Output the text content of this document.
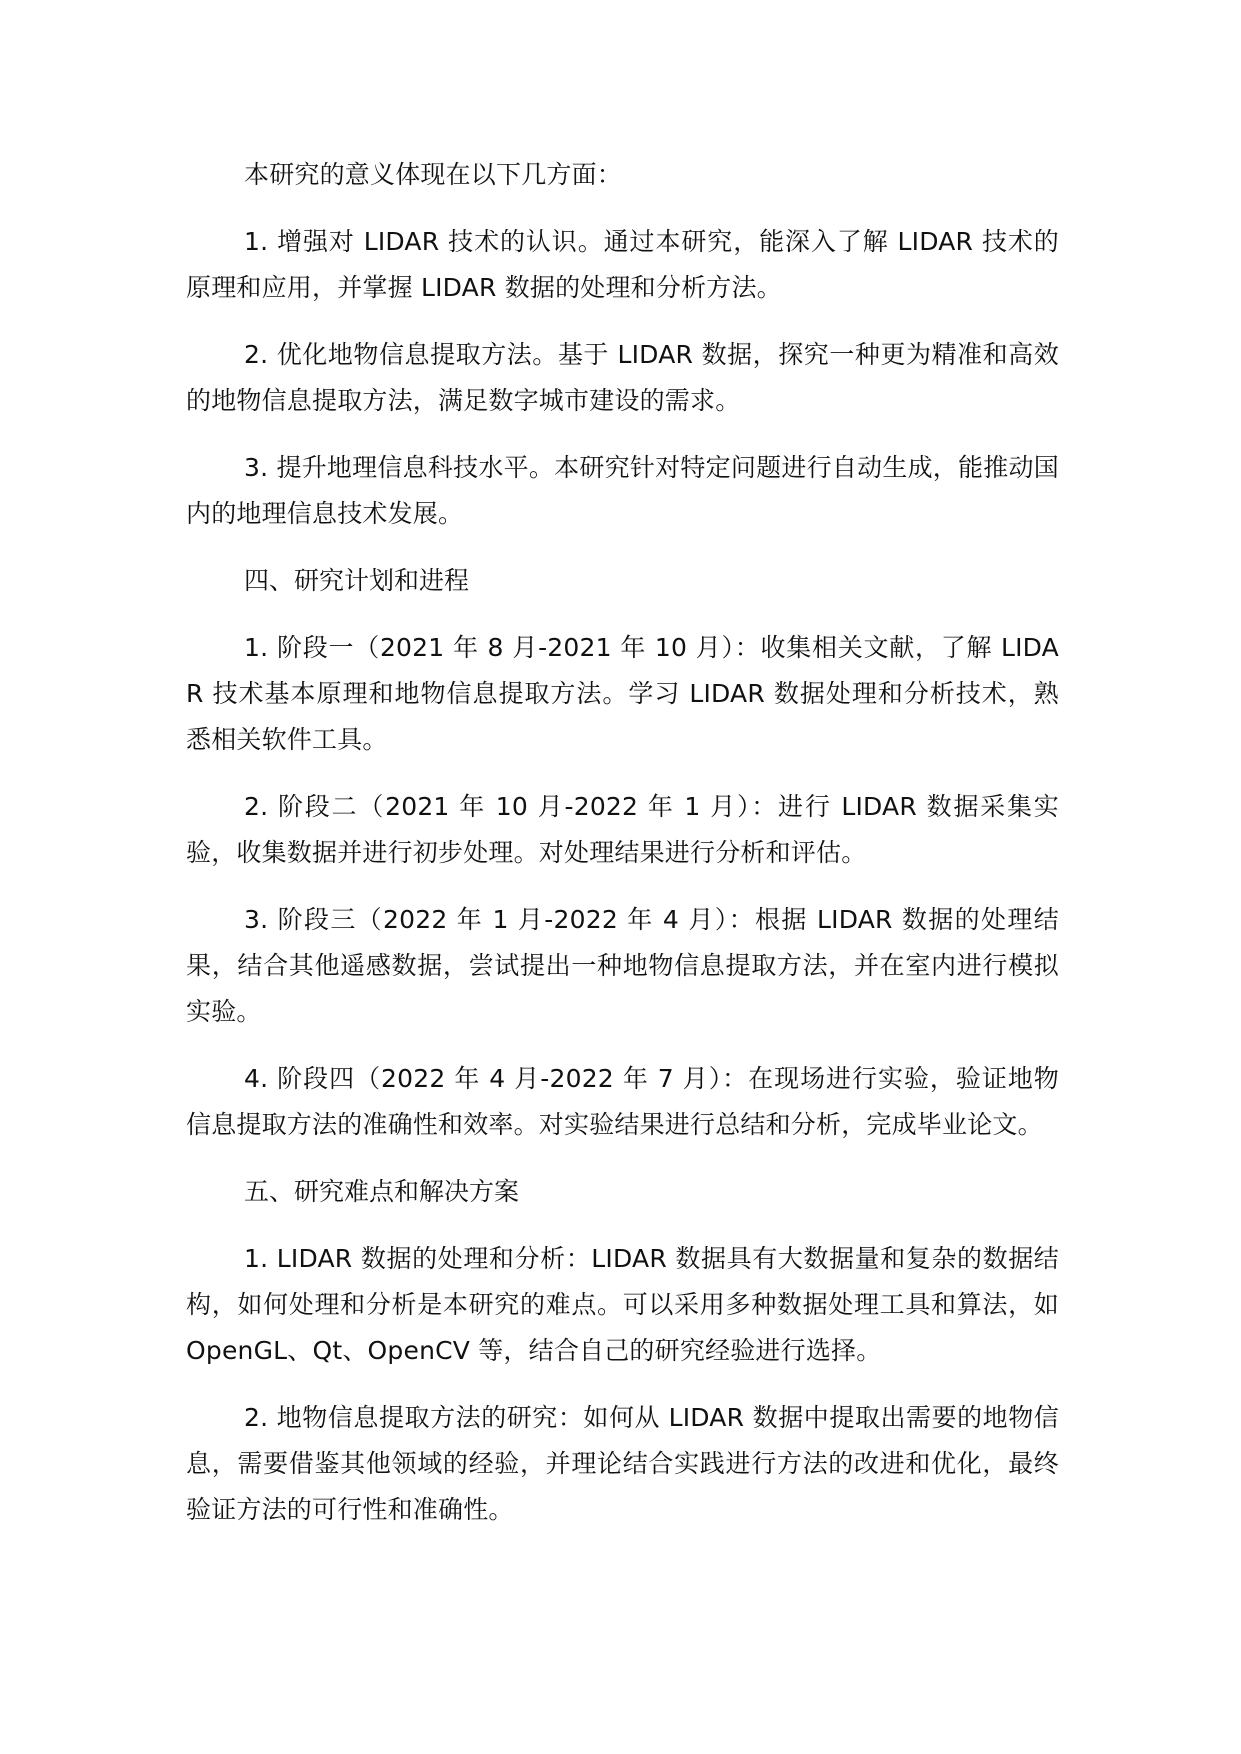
本研究的意义体现在以下几方面：

1. 增强对 LIDAR 技术的认识。通过本研究，能深入了解 LIDAR 技术的原理和应用，并掌握 LIDAR 数据的处理和分析方法。

2. 优化地物信息提取方法。基于 LIDAR 数据，探究一种更为精准和高效的地物信息提取方法，满足数字城市建设的需求。

3. 提升地理信息科技水平。本研究针对特定问题进行自动生成，能推动国内的地理信息技术发展。

四、研究计划和进程

1. 阶段一（2021 年 8 月-2021 年 10 月）：收集相关文献，了解 LIDAR 技术基本原理和地物信息提取方法。学习 LIDAR 数据处理和分析技术，熟悉相关软件工具。

2. 阶段二（2021 年 10 月-2022 年 1 月）：进行 LIDAR 数据采集实验，收集数据并进行初步处理。对处理结果进行分析和评估。

3. 阶段三（2022 年 1 月-2022 年 4 月）：根据 LIDAR 数据的处理结果，结合其他遥感数据，尝试提出一种地物信息提取方法，并在室内进行模拟实验。

4. 阶段四（2022 年 4 月-2022 年 7 月）：在现场进行实验，验证地物信息提取方法的准确性和效率。对实验结果进行总结和分析，完成毕业论文。

五、研究难点和解决方案

1. LIDAR 数据的处理和分析：LIDAR 数据具有大数据量和复杂的数据结构，如何处理和分析是本研究的难点。可以采用多种数据处理工具和算法，如 OpenGL、Qt、OpenCV 等，结合自己的研究经验进行选择。

2. 地物信息提取方法的研究：如何从 LIDAR 数据中提取出需要的地物信息，需要借鉴其他领域的经验，并理论结合实践进行方法的改进和优化，最终验证方法的可行性和准确性。
